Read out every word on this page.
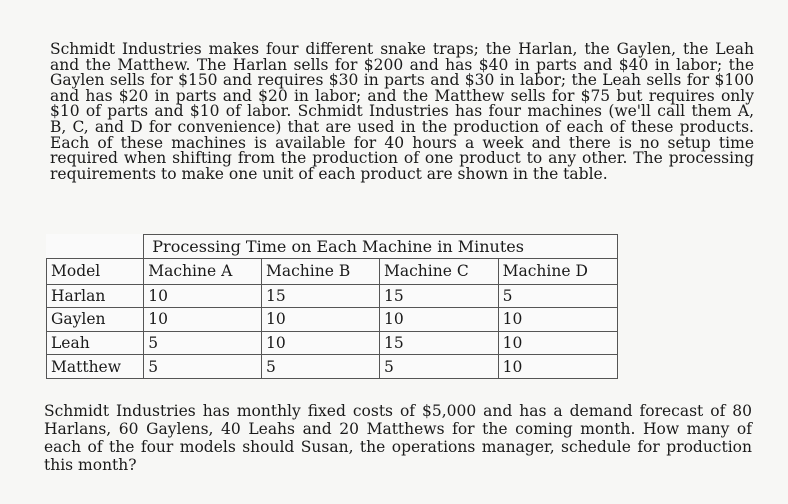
Schmidt Industries makes four different snake traps; the Harlan, the Gaylen, the Leah and the Matthew. The Harlan sells for $200 and has $40 in parts and $40 in labor; the Gaylen sells for $150 and requires $30 in parts and $30 in labor; the Leah sells for $100 and has $20 in parts and $20 in labor; and the Matthew sells for $75 but requires only $10 of parts and $10 of labor. Schmidt Industries has four machines (we'll call them A, B, C, and D for convenience) that are used in the production of each of these products. Each of these machines is available for 40 hours a week and there is no setup time required when shifting from the production of one product to any other. The processing requirements to make one unit of each product are shown in the table.

	Processing Time on Each Machine in Minutes			
Model	Machine A	Machine B	Machine C	Machine D
Harlan	10	15	15	5
Gaylen	10	10	10	10
Leah	5	10	15	10
Matthew	5	5	5	10

Schmidt Industries has monthly fixed costs of $5,000 and has a demand forecast of 80 Harlans, 60 Gaylens, 40 Leahs and 20 Matthews for the coming month. How many of each of the four models should Susan, the operations manager, schedule for production this month?
